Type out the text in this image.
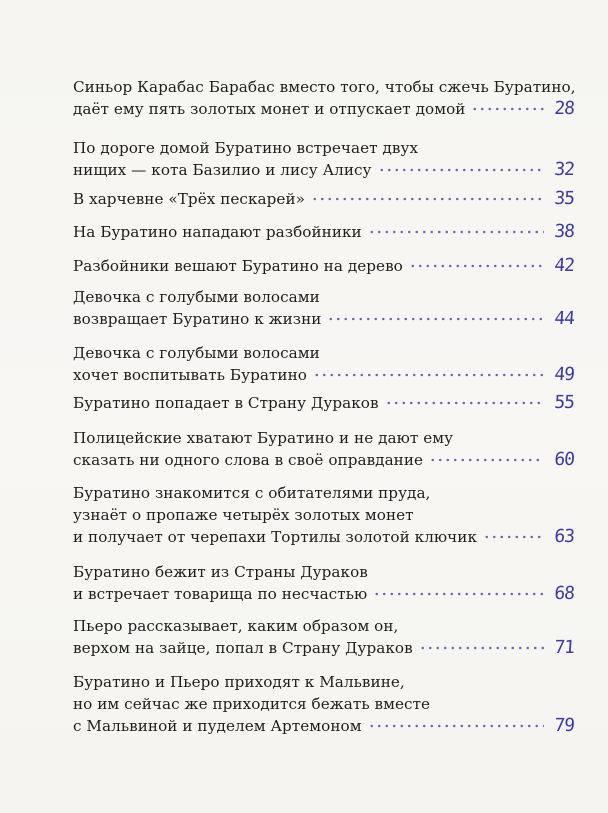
Синьор Карабас Барабас вместо того, чтобы сжечь Буратино,
даёт ему пять золотых монет и отпускает домой	28
По дороге домой Буратино встречает двух
нищих — кота Базилио и лису Алису	32
В харчевне «Трёх пескарей»	35
На Буратино нападают разбойники	38
Разбойники вешают Буратино на дерево	42
Девочка с голубыми волосами
возвращает Буратино к жизни	44
Девочка с голубыми волосами
хочет воспитывать Буратино	49
Буратино попадает в Страну Дураков	55
Полицейские хватают Буратино и не дают ему
сказать ни одного слова в своё оправдание	60
Буратино знакомится с обитателями пруда,
узнаёт о пропаже четырёх золотых монет
и получает от черепахи Тортилы золотой ключик	63
Буратино бежит из Страны Дураков
и встречает товарища по несчастью	68
Пьеро рассказывает, каким образом он,
верхом на зайце, попал в Страну Дураков	71
Буратино и Пьеро приходят к Мальвине,
но им сейчас же приходится бежать вместе
с Мальвиной и пуделем Артемоном	79
